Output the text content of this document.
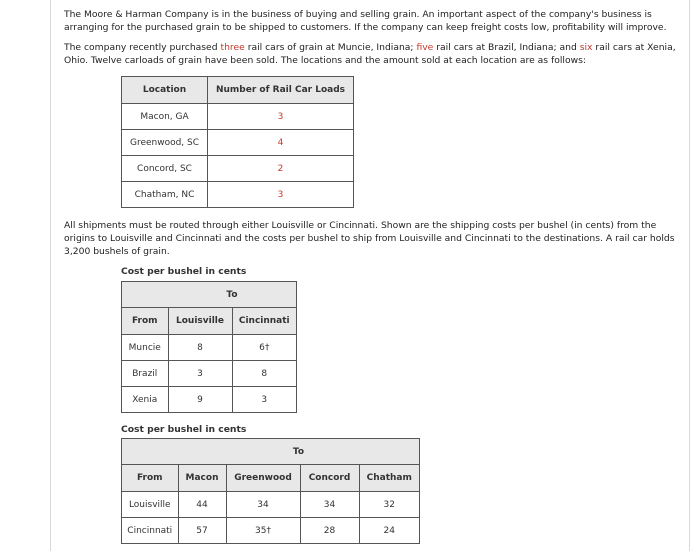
The Moore & Harman Company is in the business of buying and selling grain. An important aspect of the company's business is arranging for the purchased grain to be shipped to customers. If the company can keep freight costs low, profitability will improve.
The company recently purchased three rail cars of grain at Muncie, Indiana; five rail cars at Brazil, Indiana; and six rail cars at Xenia, Ohio. Twelve carloads of grain have been sold. The locations and the amount sold at each location are as follows:
Location	Number of Rail Car Loads
Macon, GA	3
Greenwood, SC	4
Concord, SC	2
Chatham, NC	3
All shipments must be routed through either Louisville or Cincinnati. Shown are the shipping costs per bushel (in cents) from the origins to Louisville and Cincinnati and the costs per bushel to ship from Louisville and Cincinnati to the destinations. A rail car holds 3,200 bushels of grain.
Cost per bushel in cents
	To	
From	Louisville	Cincinnati
Muncie	8	6†
Brazil	3	8
Xenia	9	3
Cost per bushel in cents
	To			
From	Macon	Greenwood	Concord	Chatham
Louisville	44	34	34	32
Cincinnati	57	35†	28	24
